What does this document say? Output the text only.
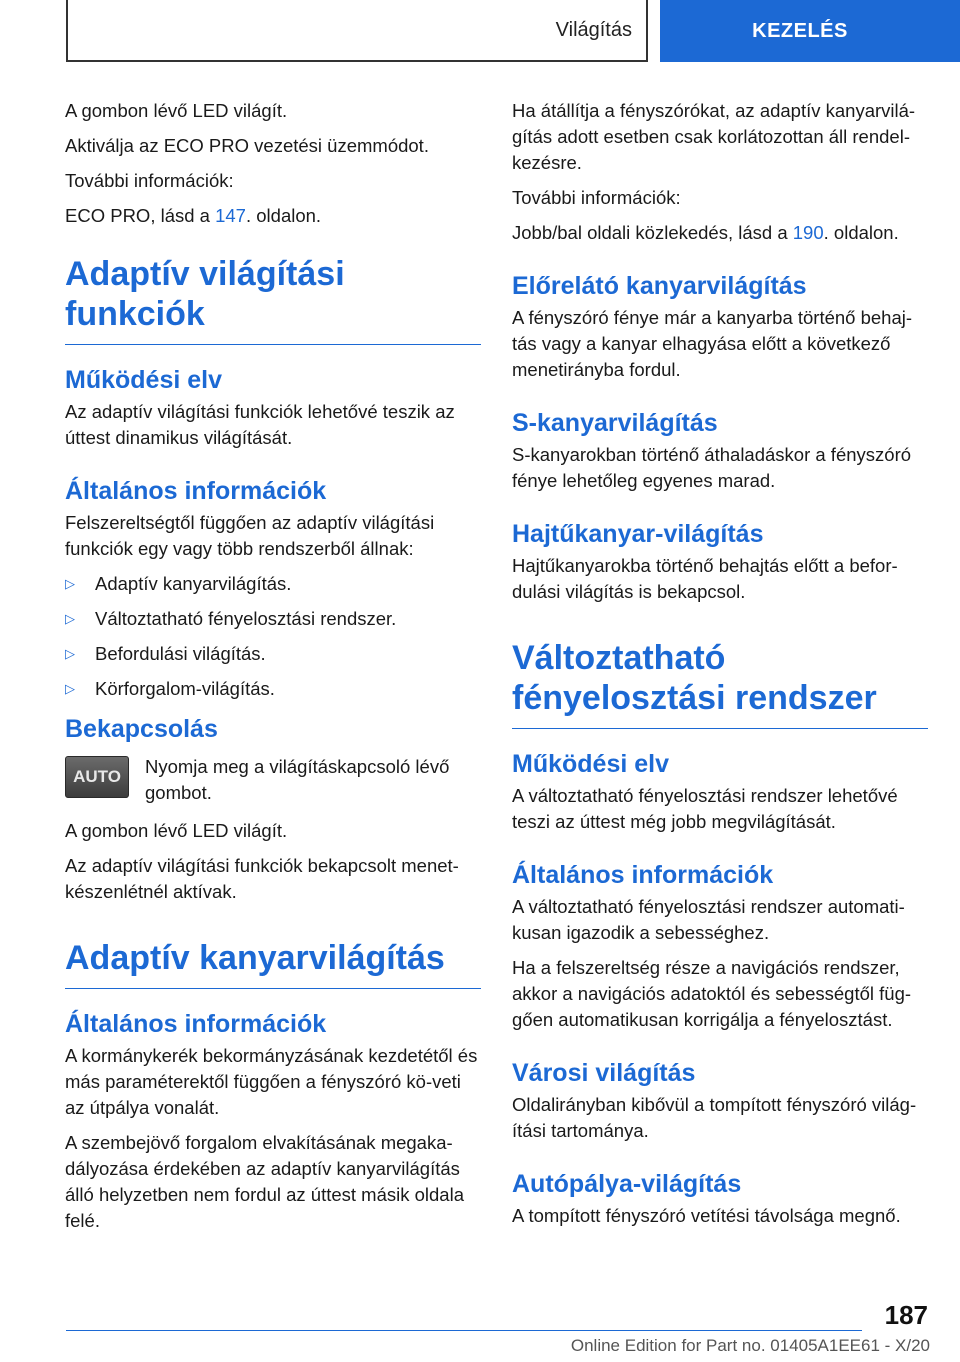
Világítás	KEZELÉS

A gombon lévő LED világít.

Aktiválja az ECO PRO vezetési üzemmódot.

További információk:

ECO PRO, lásd a 147. oldalon.

Adaptív világítási funkciók
Működési elv

Az adaptív világítási funkciók lehetővé teszik az úttest dinamikus világítását.

Általános információk

Felszereltségtől függően az adaptív világítási funkciók egy vagy több rendszerből állnak:

▷	Adaptív kanyarvilágítás.
▷	Változtatható fényelosztási rendszer.
▷	Befordulási világítás.
▷	Körforgalom-világítás.
Bekapcsolás
AUTO	Nyomja meg a világításkapcsoló lévő gombot.

A gombon lévő LED világít.

Az adaptív világítási funkciók bekapcsolt menet-készenlétnél aktívak.

Adaptív kanyarvilágítás
Általános információk

A kormánykerék bekormányzásának kezdetétől és más paraméterektől függően a fényszóró kö-veti az útpálya vonalát.

A szembejövő forgalom elvakításának megaka-dályozása érdekében az adaptív kanyarvilágítás álló helyzetben nem fordul az úttest másik oldala felé.

Ha átállítja a fényszórókat, az adaptív kanyarvilá-gítás adott esetben csak korlátozottan áll rendel-kezésre.

További információk:

Jobb/bal oldali közlekedés, lásd a 190. oldalon.

Előrelátó kanyarvilágítás

A fényszóró fénye már a kanyarba történő behaj-tás vagy a kanyar elhagyása előtt a következő menetirányba fordul.

S-kanyarvilágítás

S-kanyarokban történő áthaladáskor a fényszóró fénye lehetőleg egyenes marad.

Hajtűkanyar-világítás

Hajtűkanyarokba történő behajtás előtt a befor-dulási világítás is bekapcsol.

Változtatható fényelosztási rendszer
Működési elv

A változtatható fényelosztási rendszer lehetővé teszi az úttest még jobb megvilágítását.

Általános információk

A változtatható fényelosztási rendszer automati-kusan igazodik a sebességhez.

Ha a felszereltség része a navigációs rendszer, akkor a navigációs adatoktól és sebességtől füg-gően automatikusan korrigálja a fényelosztást.

Városi világítás

Oldalirányban kibővül a tompított fényszóró világ-ítási tartománya.

Autópálya-világítás

A tompított fényszóró vetítési távolsága megnő.

187
Online Edition for Part no. 01405A1EE61 - X/20
